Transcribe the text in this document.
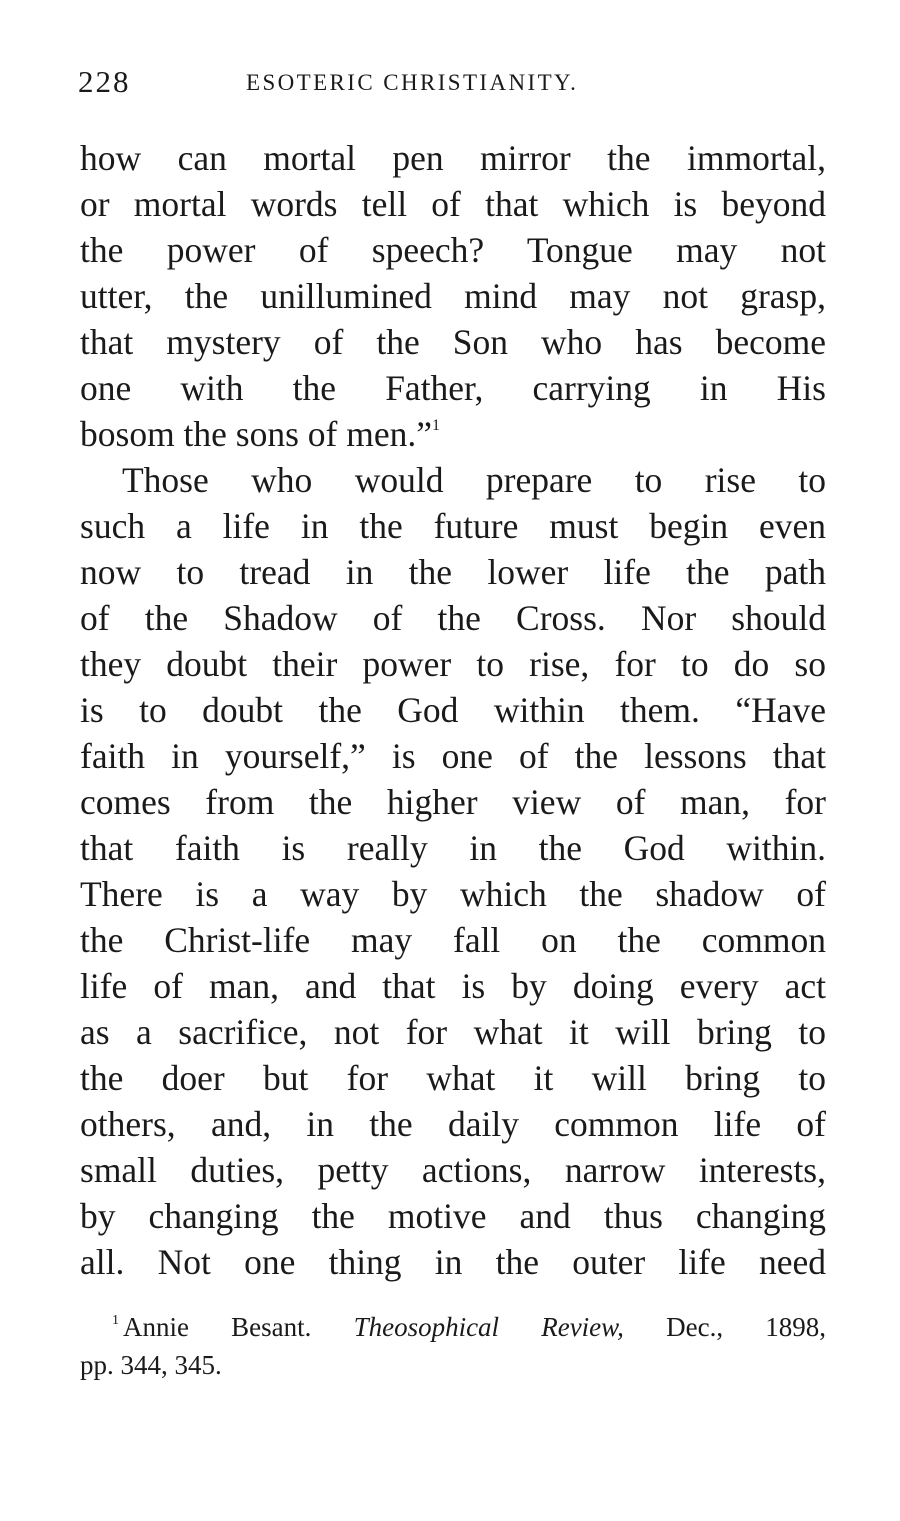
228	ESOTERIC CHRISTIANITY.
how can mortal pen mirror the immortal,
or mortal words tell of that which is beyond
the power of speech? Tongue may not
utter, the unillumined mind may not grasp,
that mystery of the Son who has become
one with the Father, carrying in His
bosom the sons of men.”$^1$
Those who would prepare to rise to
such a life in the future must begin even
now to tread in the lower life the path
of the Shadow of the Cross. Nor should
they doubt their power to rise, for to do so
is to doubt the God within them. “Have
faith in yourself,” is one of the lessons that
comes from the higher view of man, for
that faith is really in the God within.
There is a way by which the shadow of
the Christ-life may fall on the common
life of man, and that is by doing every act
as a sacrifice, not for what it will bring to
the doer but for what it will bring to
others, and, in the daily common life of
small duties, petty actions, narrow interests,
by changing the motive and thus changing
all. Not one thing in the outer life need
$^1$ Annie Besant. Theosophical Review, Dec., 1898,
pp. 344, 345.
